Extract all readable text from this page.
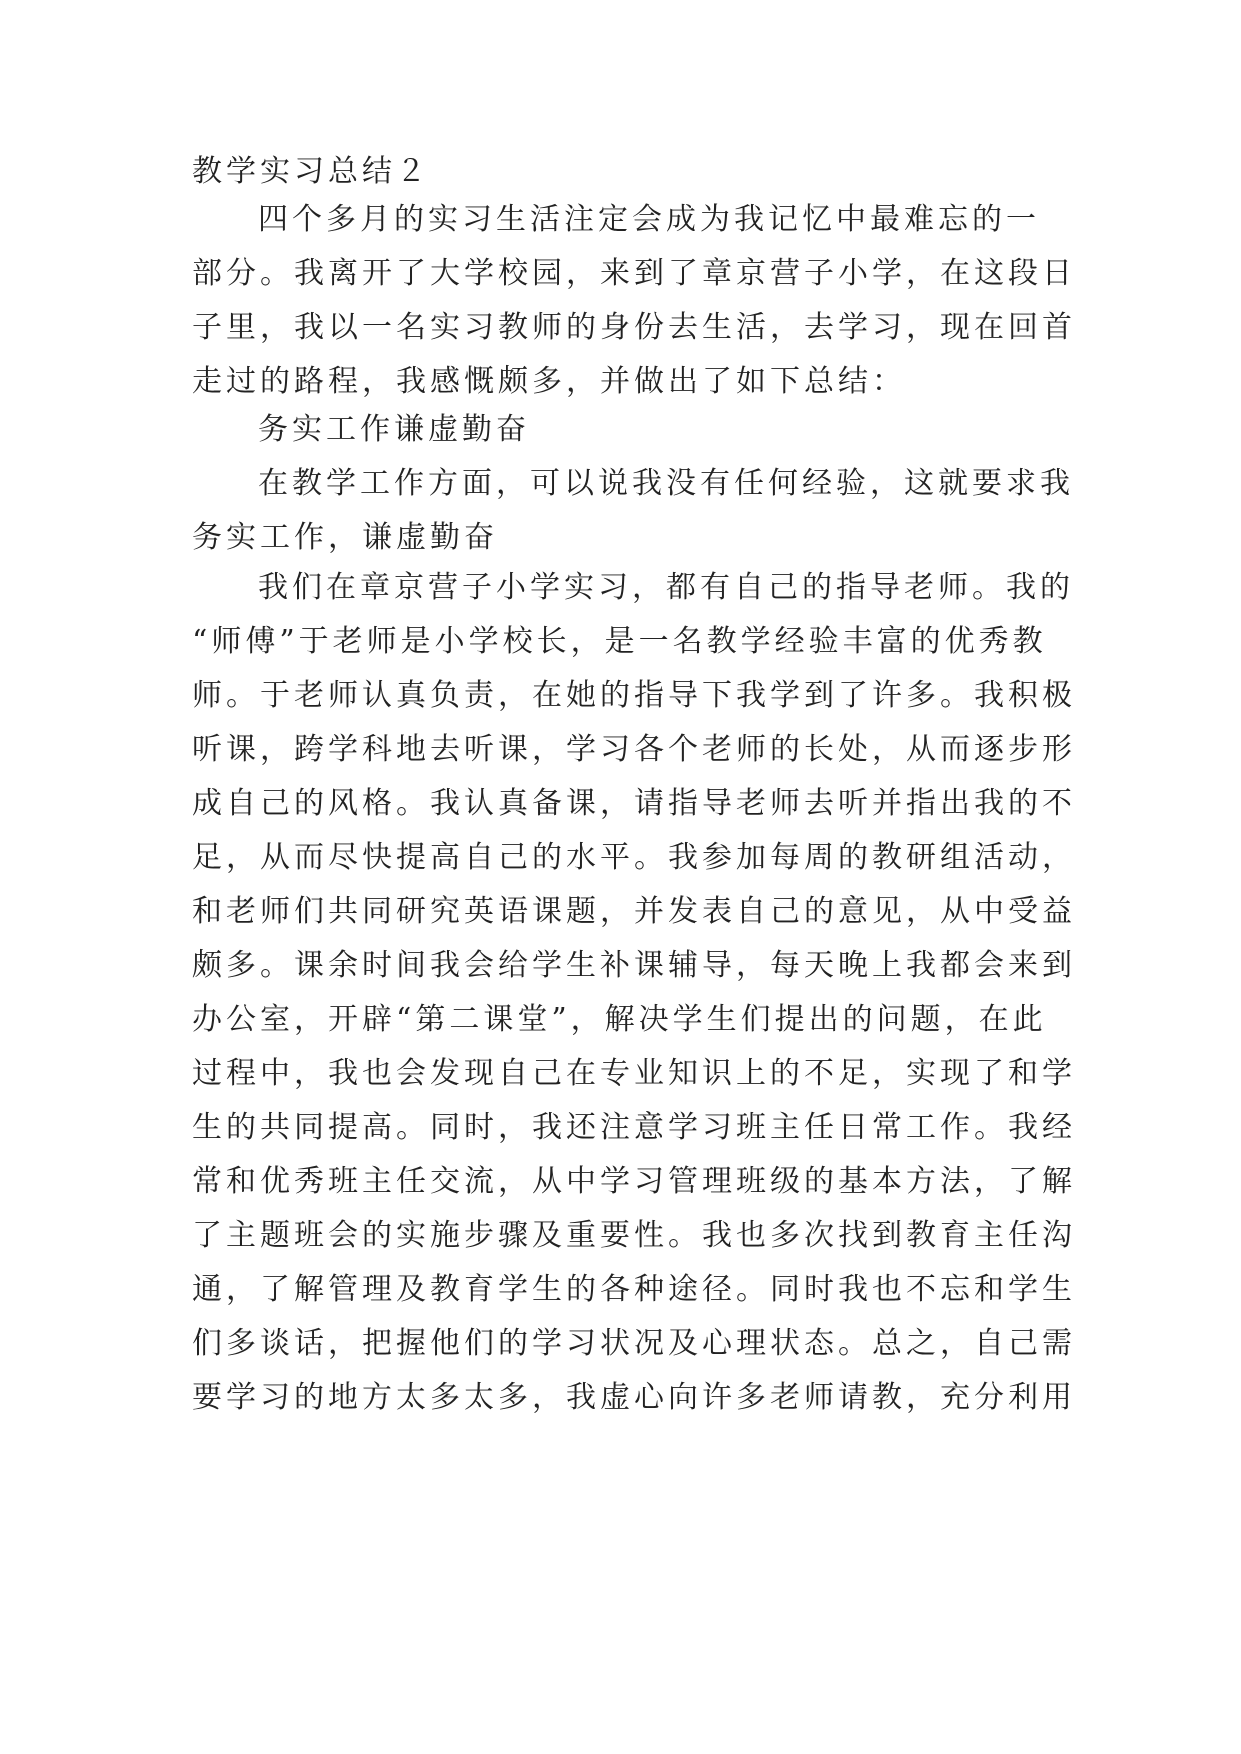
教学实习总结２
四个多月的实习生活注定会成为我记忆中最难忘的一
部分。我离开了大学校园，来到了章京营子小学，在这段日
子里，我以一名实习教师的身份去生活，去学习，现在回首
走过的路程，我感慨颇多，并做出了如下总结：
务实工作谦虚勤奋
在教学工作方面，可以说我没有任何经验，这就要求我
务实工作，谦虚勤奋
我们在章京营子小学实习，都有自己的指导老师。我的
“师傅”于老师是小学校长，是一名教学经验丰富的优秀教
师。于老师认真负责，在她的指导下我学到了许多。我积极
听课，跨学科地去听课，学习各个老师的长处，从而逐步形
成自己的风格。我认真备课，请指导老师去听并指出我的不
足，从而尽快提高自己的水平。我参加每周的教研组活动，
和老师们共同研究英语课题，并发表自己的意见，从中受益
颇多。课余时间我会给学生补课辅导，每天晚上我都会来到
办公室，开辟“第二课堂”，解决学生们提出的问题，在此
过程中，我也会发现自己在专业知识上的不足，实现了和学
生的共同提高。同时，我还注意学习班主任日常工作。我经
常和优秀班主任交流，从中学习管理班级的基本方法，了解
了主题班会的实施步骤及重要性。我也多次找到教育主任沟
通，了解管理及教育学生的各种途径。同时我也不忘和学生
们多谈话，把握他们的学习状况及心理状态。总之，自己需
要学习的地方太多太多，我虚心向许多老师请教，充分利用
